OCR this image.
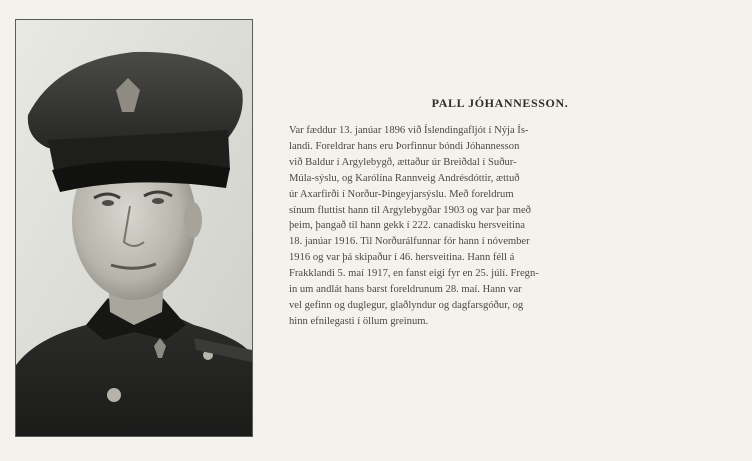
PALL JÓHANNESSON.

Var fæddur 13. janúar 1896 við Íslendingafljót í Nýja Ís-
landi. Foreldrar hans eru Þorfinnur bóndi Jóhannesson
við Baldur í Argylebygð, ættaður úr Breiðdal í Suður-
Múla-sýslu, og Karólína Rannveig Andrésdóttir, ættuð
úr Axarfirði í Norður-Þingeyjarsýslu. Með foreldrum
sínum fluttist hann til Argylebygðar 1903 og var þar með
þeim, þangað til hann gekk í 222. canadisku hersveitina
18. janúar 1916. Til Norðurálfunnar fór hann í nóvember
1916 og var þá skipaður í 46. hersveitina. Hann féll á
Frakklandi 5. maí 1917, en fanst eigi fyr en 25. júlí. Fregn-
in um andlát hans barst foreldrunum 28. maí. Hann var
vel gefinn og duglegur, glaðlyndur og dagfarsgóður, og
hinn efnilegasti í öllum greinum.
